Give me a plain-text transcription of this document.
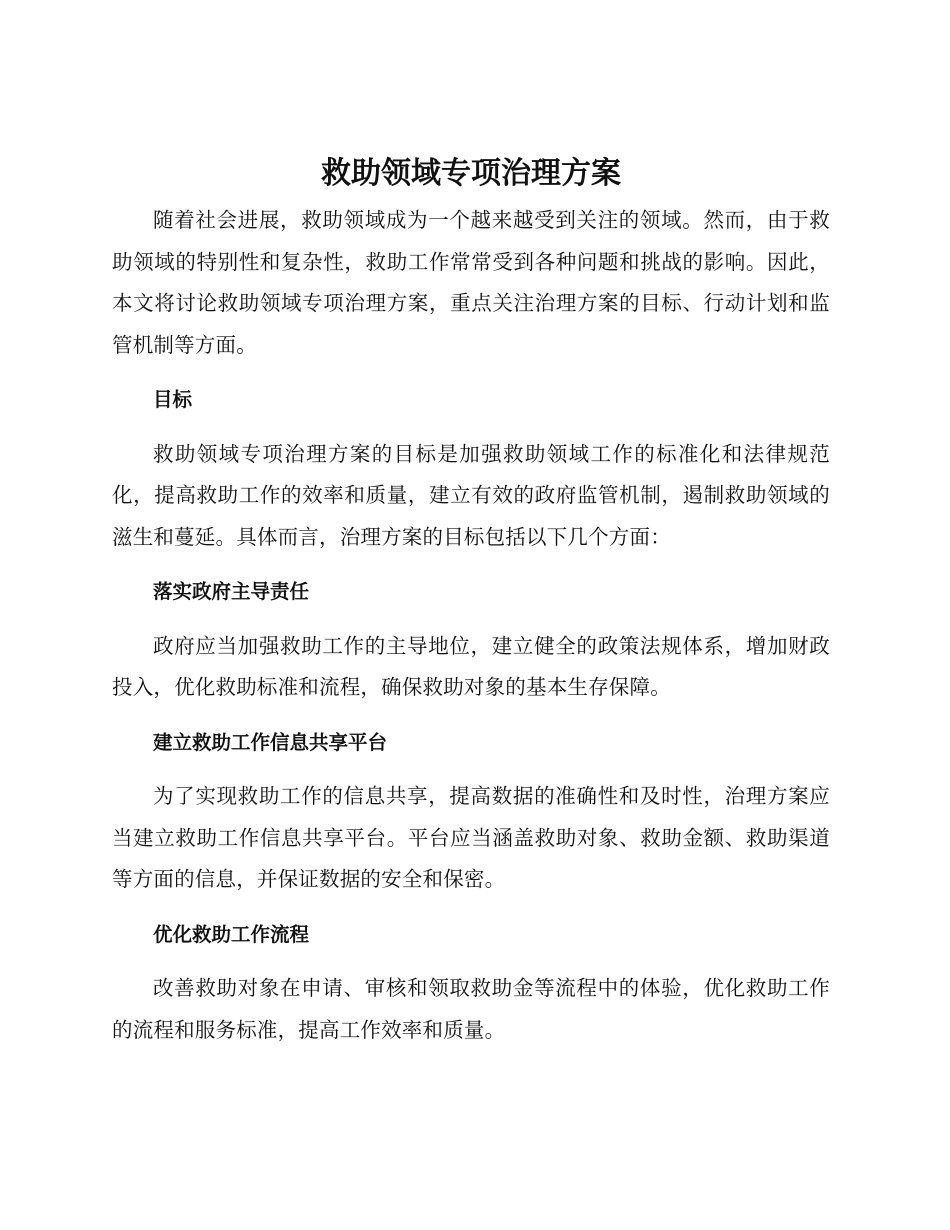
救助领域专项治理方案

随着社会进展，救助领域成为一个越来越受到关注的领域。然而，由于救助领域的特别性和复杂性，救助工作常常受到各种问题和挑战的影响。因此，本文将讨论救助领域专项治理方案，重点关注治理方案的目标、行动计划和监管机制等方面。

目标

救助领域专项治理方案的目标是加强救助领域工作的标准化和法律规范化，提高救助工作的效率和质量，建立有效的政府监管机制，遏制救助领域的滋生和蔓延。具体而言，治理方案的目标包括以下几个方面：

落实政府主导责任

政府应当加强救助工作的主导地位，建立健全的政策法规体系，增加财政投入，优化救助标准和流程，确保救助对象的基本生存保障。

建立救助工作信息共享平台

为了实现救助工作的信息共享，提高数据的准确性和及时性，治理方案应当建立救助工作信息共享平台。平台应当涵盖救助对象、救助金额、救助渠道等方面的信息，并保证数据的安全和保密。

优化救助工作流程

改善救助对象在申请、审核和领取救助金等流程中的体验，优化救助工作的流程和服务标准，提高工作效率和质量。
